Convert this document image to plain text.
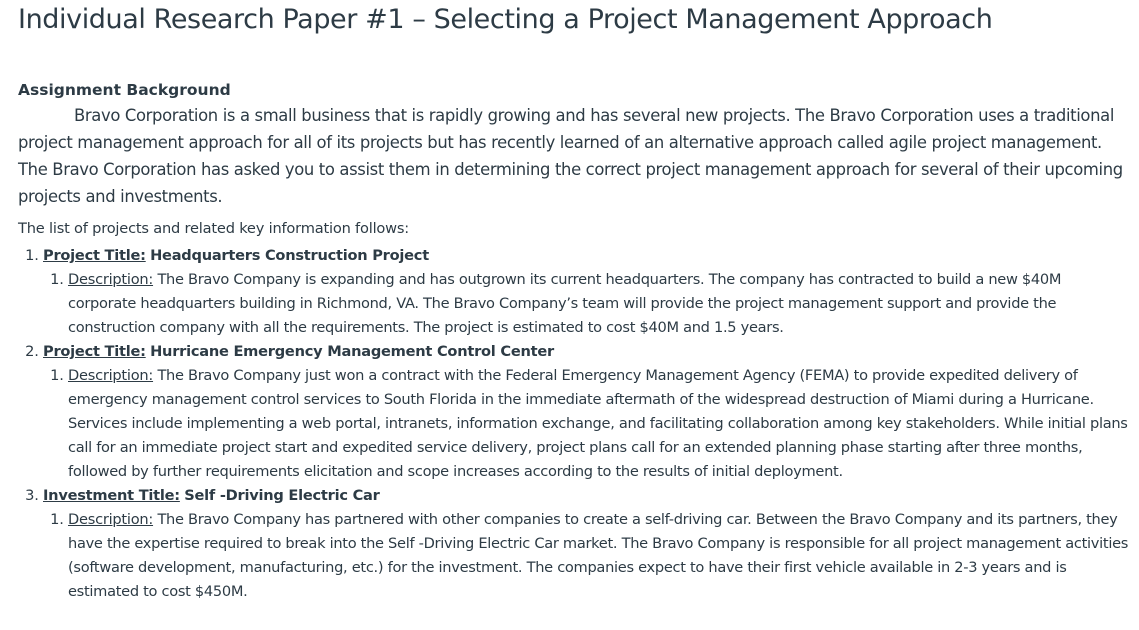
Individual Research Paper #1 – Selecting a Project Management Approach
Assignment Background

Bravo Corporation is a small business that is rapidly growing and has several new projects. The Bravo Corporation uses a traditional project management approach for all of its projects but has recently learned of an alternative approach called agile project management. The Bravo Corporation has asked you to assist them in determining the correct project management approach for several of their upcoming projects and investments.

The list of projects and related key information follows:

1. Project Title: Headquarters Construction Project
1. Description: The Bravo Company is expanding and has outgrown its current headquarters. The company has contracted to build a new $40M corporate headquarters building in Richmond, VA. The Bravo Company’s team will provide the project management support and provide the construction company with all the requirements. The project is estimated to cost $40M and 1.5 years.
2. Project Title: Hurricane Emergency Management Control Center
1. Description: The Bravo Company just won a contract with the Federal Emergency Management Agency (FEMA) to provide expedited delivery of emergency management control services to South Florida in the immediate aftermath of the widespread destruction of Miami during a Hurricane. Services include implementing a web portal, intranets, information exchange, and facilitating collaboration among key stakeholders. While initial plans call for an immediate project start and expedited service delivery, project plans call for an extended planning phase starting after three months, followed by further requirements elicitation and scope increases according to the results of initial deployment.
3. Investment Title: Self -Driving Electric Car
1. Description: The Bravo Company has partnered with other companies to create a self-driving car. Between the Bravo Company and its partners, they have the expertise required to break into the Self -Driving Electric Car market. The Bravo Company is responsible for all project management activities (software development, manufacturing, etc.) for the investment. The companies expect to have their first vehicle available in 2-3 years and is estimated to cost $450M.
